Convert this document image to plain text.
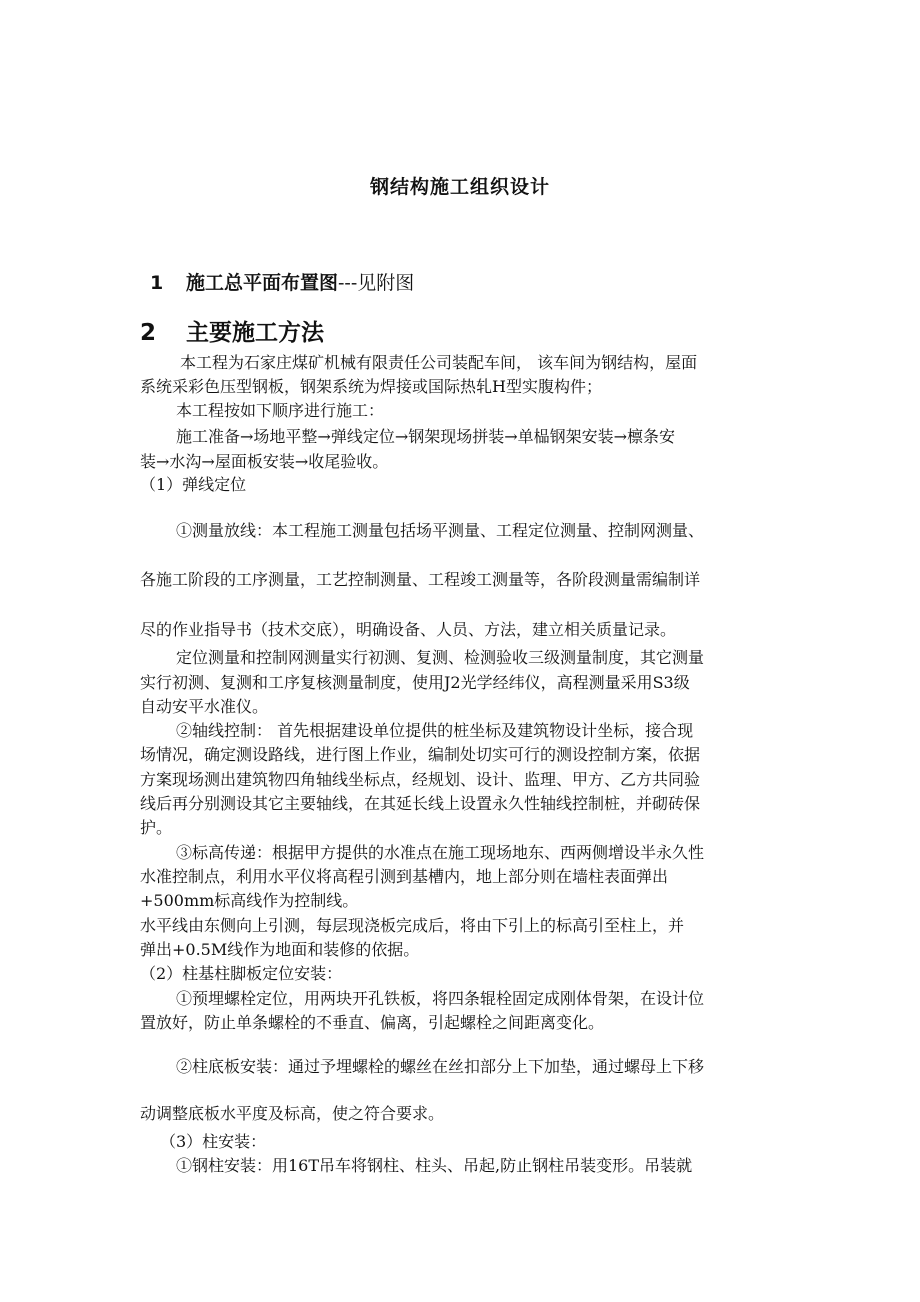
钢结构施工组织设计
1 施工总平面布置图---见附图
2 主要施工方法
本工程为石家庄煤矿机械有限责任公司装配车间， 该车间为钢结构，屋面
系统采彩色压型钢板，钢架系统为焊接或国际热轧H型实腹构件；
本工程按如下顺序进行施工：
施工准备→场地平整→弹线定位→钢架现场拼装→单榀钢架安装→檩条安
装→水沟→屋面板安装→收尾验收。
（1）弹线定位
①测量放线：本工程施工测量包括场平测量、工程定位测量、控制网测量、
各施工阶段的工序测量，工艺控制测量、工程竣工测量等，各阶段测量需编制详
尽的作业指导书（技术交底），明确设备、人员、方法，建立相关质量记录。
定位测量和控制网测量实行初测、复测、检测验收三级测量制度，其它测量
实行初测、复测和工序复核测量制度，使用J2光学经纬仪，高程测量采用S3级
自动安平水准仪。
②轴线控制： 首先根据建设单位提供的桩坐标及建筑物设计坐标，接合现
场情况，确定测设路线，进行图上作业，编制处切实可行的测设控制方案，依据
方案现场测出建筑物四角轴线坐标点，经规划、设计、监理、甲方、乙方共同验
线后再分别测设其它主要轴线，在其延长线上设置永久性轴线控制桩，并砌砖保
护。
③标高传递：根据甲方提供的水准点在施工现场地东、西两侧增设半永久性
水准控制点，利用水平仪将高程引测到基槽内，地上部分则在墙柱表面弹出
+500mm标高线作为控制线。
水平线由东侧向上引测，每层现浇板完成后，将由下引上的标高引至柱上，并
弹出+0.5M线作为地面和装修的依据。
（2）柱基柱脚板定位安装：
①预埋螺栓定位，用两块开孔铁板，将四条辊栓固定成刚体骨架，在设计位
置放好，防止单条螺栓的不垂直、偏离，引起螺栓之间距离变化。
②柱底板安装：通过予埋螺栓的螺丝在丝扣部分上下加垫，通过螺母上下移
动调整底板水平度及标高，使之符合要求。
（3）柱安装：
①钢柱安装：用16T吊车将钢柱、柱头、吊起,防止钢柱吊装变形。吊装就
